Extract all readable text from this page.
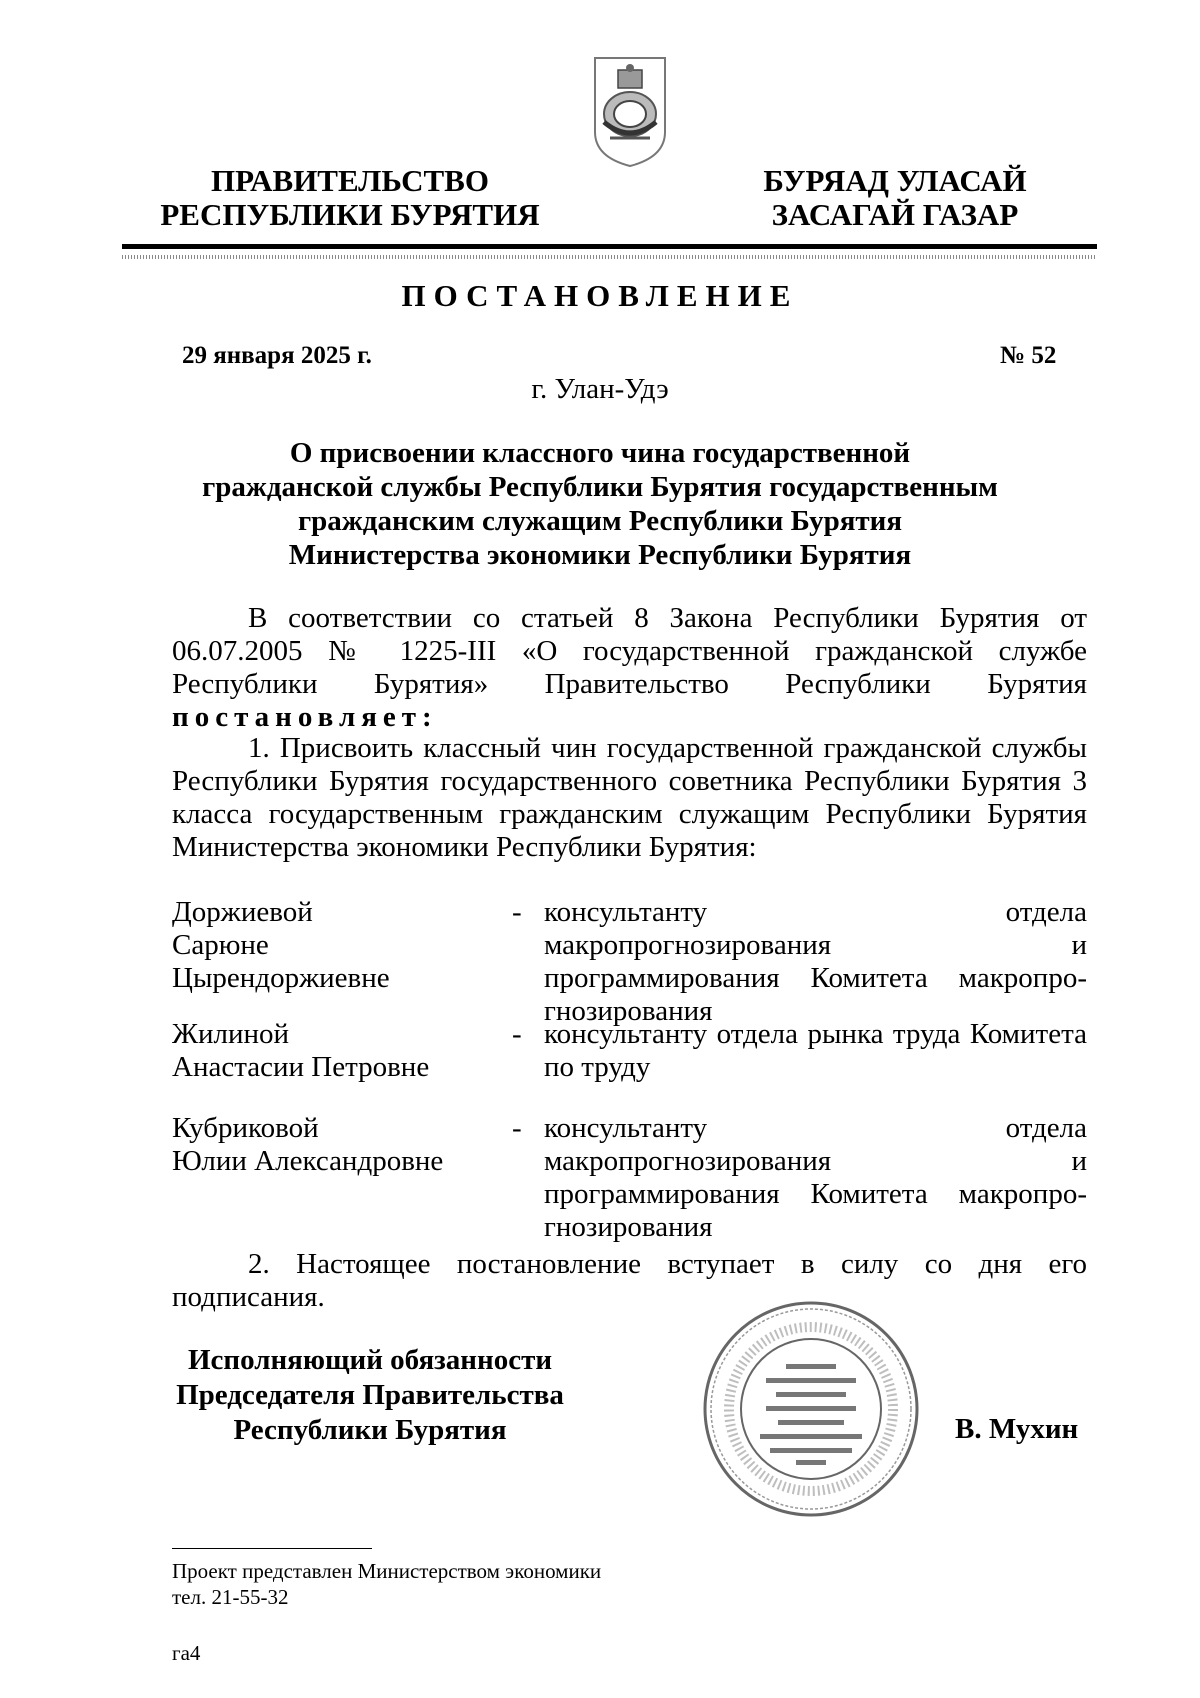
ПРАВИТЕЛЬСТВО
РЕСПУБЛИКИ БУРЯТИЯ
БУРЯАД УЛАСАЙ
ЗАСАГАЙ ГАЗАР
ПОСТАНОВЛЕНИЕ
29 января 2025 г.	№ 52
г. Улан-Удэ
О присвоении классного чина государственной
гражданской службы Республики Бурятия государственным
гражданским служащим Республики Бурятия
Министерства экономики Республики Бурятия
В соответствии со статьей 8 Закона Республики Бурятия от 06.07.2005 № 1225-III «О государственной гражданской службе Республики Бурятия» Правительство Республики Бурятия постановляет:
1. Присвоить классный чин государственной гражданской службы Республики Бурятия государственного советника Республики Бурятия 3 класса государственным гражданским служащим Республики Бурятия Министерства экономики Республики Бурятия:
Доржиевой
Сарюне Цырендоржиевне
- консультанту отдела макропрогнозирования и программирования Комитета макропрогнозирования
Жилиной
Анастасии Петровне
- консультанту отдела рынка труда Комитета по труду
Кубриковой
Юлии Александровне
- консультанту отдела макропрогнозирования и программирования Комитета макропрогнозирования
2. Настоящее постановление вступает в силу со дня его подписания.
Исполняющий обязанности
Председателя Правительства
Республики Бурятия	В. Мухин
Проект представлен Министерством экономики
тел. 21-55-32
га4
